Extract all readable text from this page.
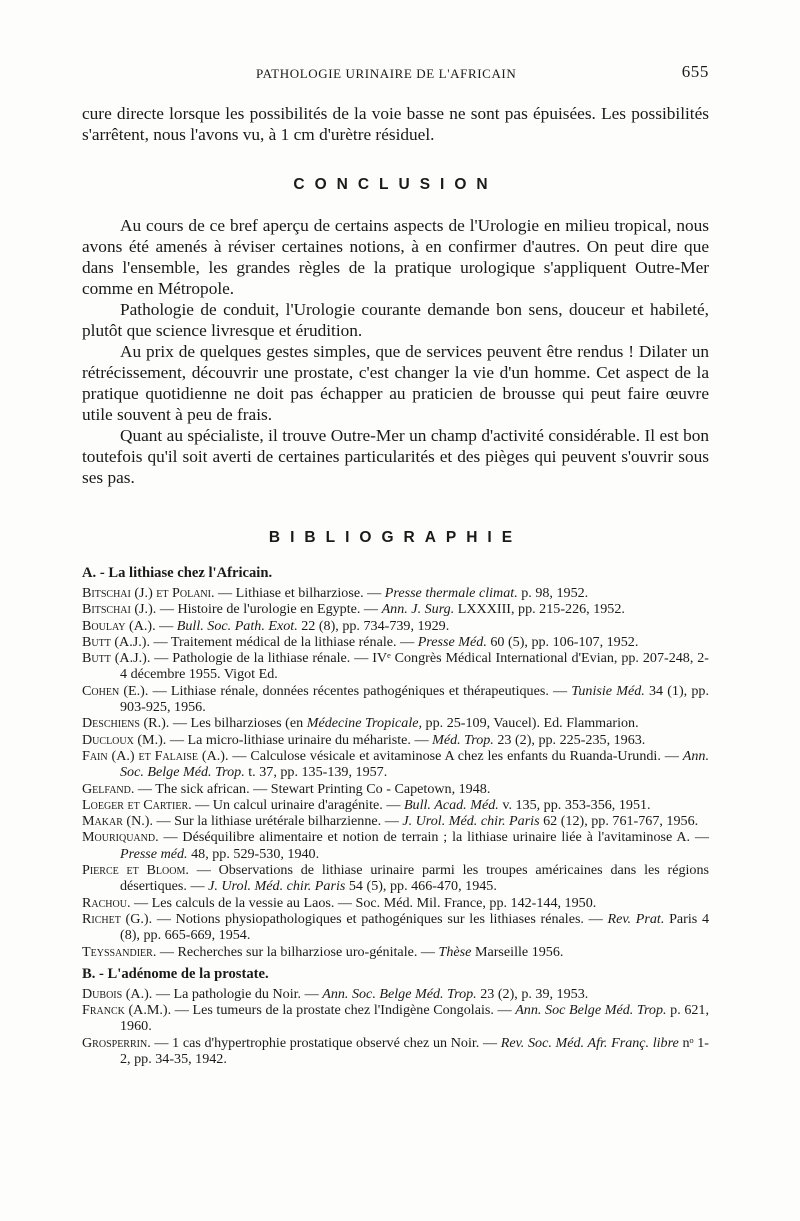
PATHOLOGIE URINAIRE DE L'AFRICAIN	655

cure directe lorsque les possibilités de la voie basse ne sont pas épuisées. Les possibilités s'arrêtent, nous l'avons vu, à 1 cm d'urètre résiduel.

CONCLUSION

Au cours de ce bref aperçu de certains aspects de l'Urologie en milieu tropical, nous avons été amenés à réviser certaines notions, à en confirmer d'autres. On peut dire que dans l'ensemble, les grandes règles de la pratique urologique s'appliquent Outre-Mer comme en Métropole.

Pathologie de conduit, l'Urologie courante demande bon sens, douceur et habileté, plutôt que science livresque et érudition.

Au prix de quelques gestes simples, que de services peuvent être rendus ! Dilater un rétrécissement, découvrir une prostate, c'est changer la vie d'un homme. Cet aspect de la pratique quotidienne ne doit pas échapper au praticien de brousse qui peut faire œuvre utile souvent à peu de frais.

Quant au spécialiste, il trouve Outre-Mer un champ d'activité considérable. Il est bon toutefois qu'il soit averti de certaines particularités et des pièges qui peuvent s'ouvrir sous ses pas.

BIBLIOGRAPHIE

A. - La lithiase chez l'Africain.

Bitschai (J.) et Polani. — Lithiase et bilharziose. — Presse thermale climat. p. 98, 1952.

Bitschai (J.). — Histoire de l'urologie en Egypte. — Ann. J. Surg. LXXXIII, pp. 215-226, 1952.

Boulay (A.). — Bull. Soc. Path. Exot. 22 (8), pp. 734-739, 1929.

Butt (A.J.). — Traitement médical de la lithiase rénale. — Presse Méd. 60 (5), pp. 106-107, 1952.

Butt (A.J.). — Pathologie de la lithiase rénale. — IVᵉ Congrès Médical International d'Evian, pp. 207-248, 2-4 décembre 1955. Vigot Ed.

Cohen (E.). — Lithiase rénale, données récentes pathogéniques et thérapeutiques. — Tunisie Méd. 34 (1), pp. 903-925, 1956.

Deschiens (R.). — Les bilharzioses (en Médecine Tropicale, pp. 25-109, Vaucel). Ed. Flammarion.

Ducloux (M.). — La micro-lithiase urinaire du méhariste. — Méd. Trop. 23 (2), pp. 225-235, 1963.

Fain (A.) et Falaise (A.). — Calculose vésicale et avitaminose A chez les enfants du Ruanda-Urundi. — Ann. Soc. Belge Méd. Trop. t. 37, pp. 135-139, 1957.

Gelfand. — The sick african. — Stewart Printing Co - Capetown, 1948.

Loeger et Cartier. — Un calcul urinaire d'aragénite. — Bull. Acad. Méd. v. 135, pp. 353-356, 1951.

Makar (N.). — Sur la lithiase urétérale bilharzienne. — J. Urol. Méd. chir. Paris 62 (12), pp. 761-767, 1956.

Mouriquand. — Déséquilibre alimentaire et notion de terrain ; la lithiase urinaire liée à l'avitaminose A. — Presse méd. 48, pp. 529-530, 1940.

Pierce et Bloom. — Observations de lithiase urinaire parmi les troupes américaines dans les régions désertiques. — J. Urol. Méd. chir. Paris 54 (5), pp. 466-470, 1945.

Rachou. — Les calculs de la vessie au Laos. — Soc. Méd. Mil. France, pp. 142-144, 1950.

Richet (G.). — Notions physiopathologiques et pathogéniques sur les lithiases rénales. — Rev. Prat. Paris 4 (8), pp. 665-669, 1954.

Teyssandier. — Recherches sur la bilharziose uro-génitale. — Thèse Marseille 1956.

B. - L'adénome de la prostate.

Dubois (A.). — La pathologie du Noir. — Ann. Soc. Belge Méd. Trop. 23 (2), p. 39, 1953.

Franck (A.M.). — Les tumeurs de la prostate chez l'Indigène Congolais. — Ann. Soc Belge Méd. Trop. p. 621, 1960.

Grosperrin. — 1 cas d'hypertrophie prostatique observé chez un Noir. — Rev. Soc. Méd. Afr. Franç. libre nᵒ 1-2, pp. 34-35, 1942.
